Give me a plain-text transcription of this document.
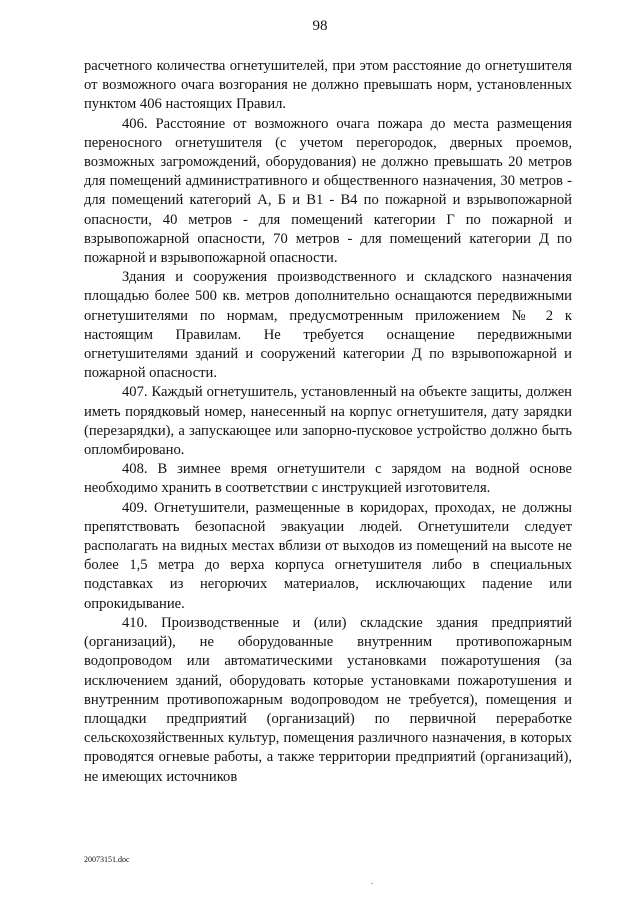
98

расчетного количества огнетушителей, при этом расстояние до огнетушителя от возможного очага возгорания не должно превышать норм, установленных пунктом 406 настоящих Правил.

406. Расстояние от возможного очага пожара до места размещения переносного огнетушителя (с учетом перегородок, дверных проемов, возможных загромождений, оборудования) не должно превышать 20 метров для помещений административного и общественного назначения, 30 метров - для помещений категорий А, Б и В1 - В4 по пожарной и взрывопожарной опасности, 40 метров - для помещений категории Г по пожарной и взрывопожарной опасности, 70 метров - для помещений категории Д по пожарной и взрывопожарной опасности.

Здания и сооружения производственного и складского назначения площадью более 500 кв. метров дополнительно оснащаются передвижными огнетушителями по нормам, предусмотренным приложением № 2 к настоящим Правилам. Не требуется оснащение передвижными огнетушителями зданий и сооружений категории Д по взрывопожарной и пожарной опасности.

407. Каждый огнетушитель, установленный на объекте защиты, должен иметь порядковый номер, нанесенный на корпус огнетушителя, дату зарядки (перезарядки), а запускающее или запорно-пусковое устройство должно быть опломбировано.

408. В зимнее время огнетушители с зарядом на водной основе необходимо хранить в соответствии с инструкцией изготовителя.

409. Огнетушители, размещенные в коридорах, проходах, не должны препятствовать безопасной эвакуации людей. Огнетушители следует располагать на видных местах вблизи от выходов из помещений на высоте не более 1,5 метра до верха корпуса огнетушителя либо в специальных подставках из негорючих материалов, исключающих падение или опрокидывание.

410. Производственные и (или) складские здания предприятий (организаций), не оборудованные внутренним противопожарным водопроводом или автоматическими установками пожаротушения (за исключением зданий, оборудовать которые установками пожаротушения и внутренним противопожарным водопроводом не требуется), помещения и площадки предприятий (организаций) по первичной переработке сельскохозяйственных культур, помещения различного назначения, в которых проводятся огневые работы, а также территории предприятий (организаций), не имеющих источников

20073151.doc
.
